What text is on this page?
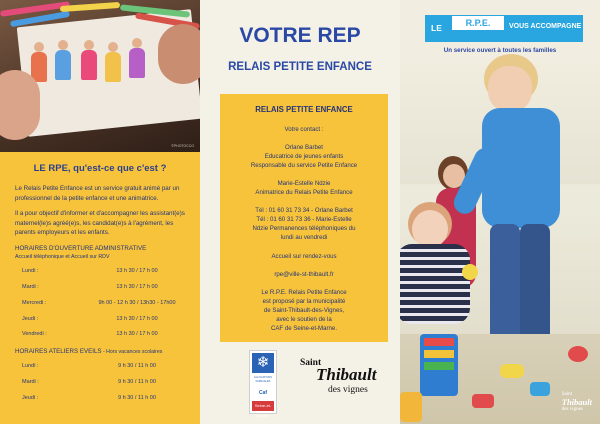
©PHOTOCCO
LE RPE, qu'est-ce que c'est ?
Le Relais Petite Enfance est un service gratuit animé par un professionnel de la petite enfance et une animatrice.
Il a pour objectif d'informer et d'accompagner les assistant(e)s maternel(le)s agréé(e)s, les candidat(e)s à l'agrément, les parents employeurs et les enfants.
HORAIRES D'OUVERTURE ADMINISTRATIVE
Accueil téléphonique et Accueil sur RDV
Lundi :	13 h 30 / 17 h 00
Mardi :	13 h 30 / 17 h 00
Mercredi :	9h 00 - 12 h 30 / 13h30 - 17h00
Jeudi :	13 h 30 / 17 h 00
Vendredi :	13 h 30 / 17 h 00
HORAIRES ATELIERS EVEILS - Hors vacances scolaires
Lundi :	9 h 30 / 11 h 00
Mardi :	9 h 30 / 11 h 00
Jeudi :	9 h 30 / 11 h 00
VOTRE REP
RELAIS PETITE ENFANCE
RELAIS PETITE ENFANCE
Votre contact :
Orlane Barbet
Educatrice de jeunes enfants
Responsable du service Petite Enfance
Marie-Estelle Ndzie
Animatrice du Relais Petite Enfance
Tél : 01 60 31 73 34 - Orlane Barbet
Tél : 01 60 31 73 36 - Marie-Estelle
Ndzie Permanences téléphoniques du
lundi au vendredi
Accueil sur rendez-vous
rpe@ville-st-thibault.fr
Le R.P.E. Relais Petite Enfance
est proposé par la municipalité
de Saint-Thibault-des-Vignes,
avec le soutien de la
CAF de Seine-et-Marne.
❄
ALLOCATIONS
FAMILIALES
Caf
Seine-et-Marne
Saint
Thibault
des vignes	Saint
Thibault
des vignes
LE	R.P.E.	VOUS ACCOMPAGNE
Un service ouvert à toutes les familles
